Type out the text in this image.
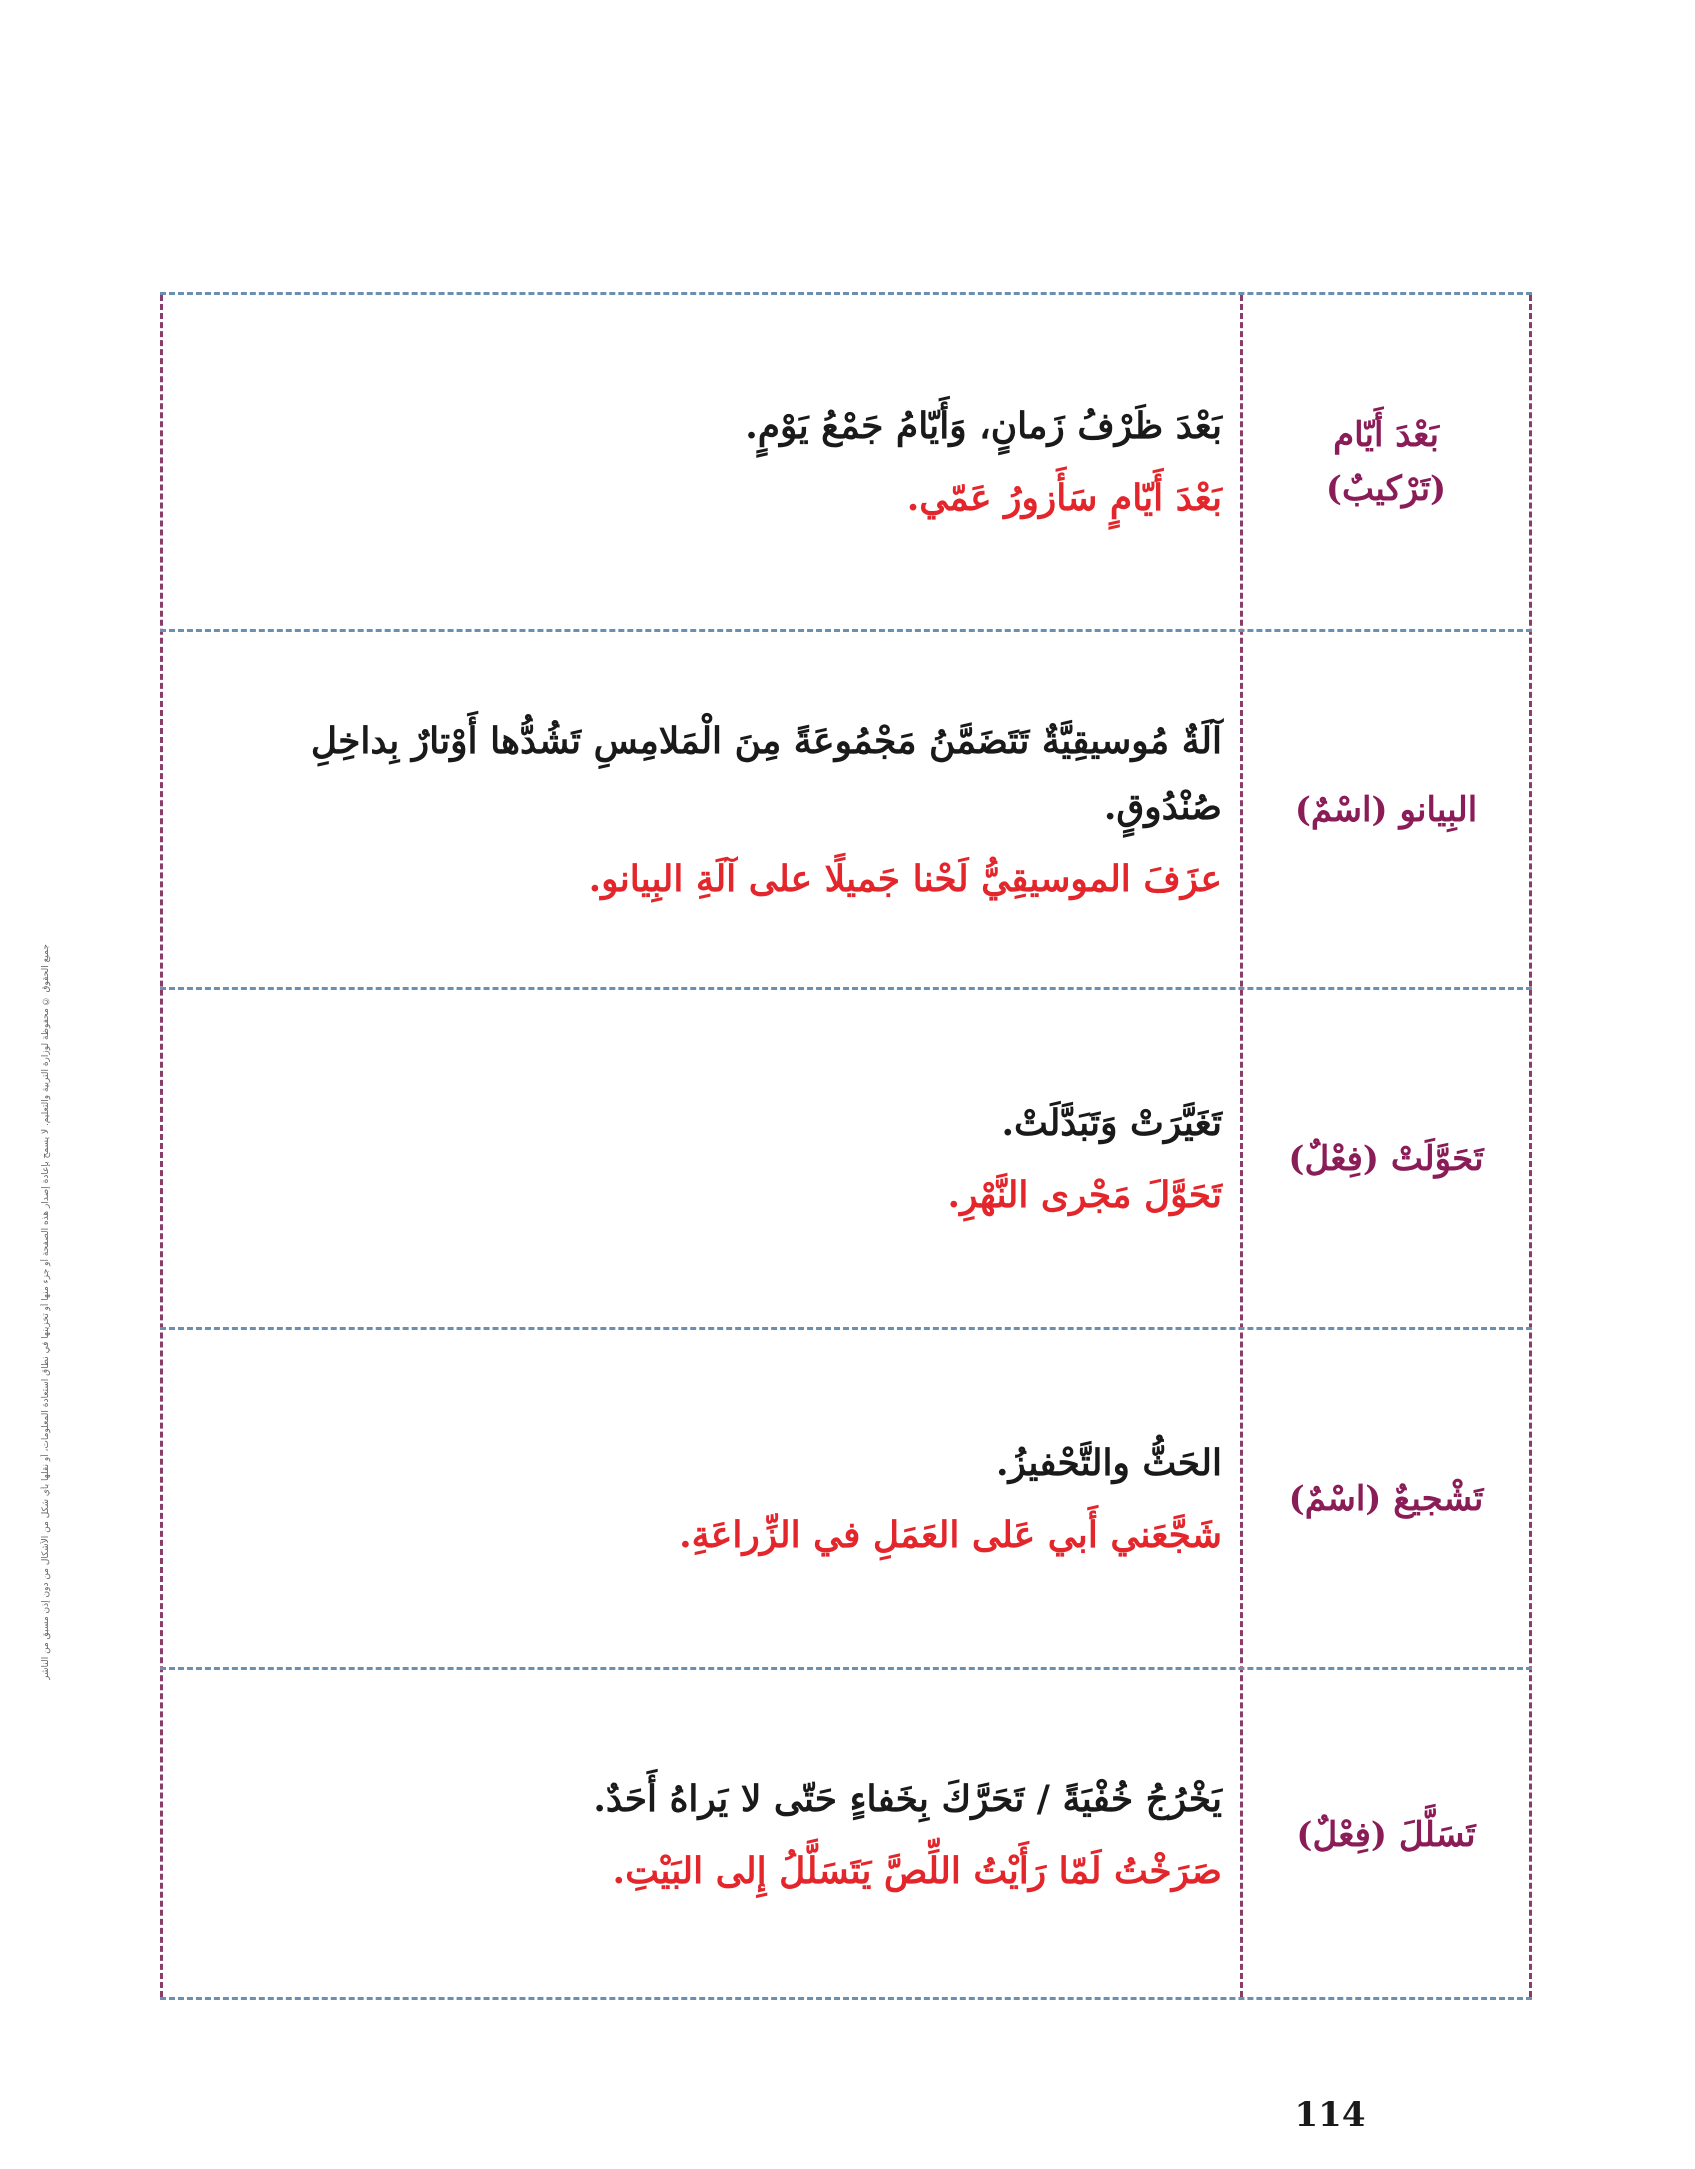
جميع الحقوق © محفوظة لوزارة التربية والتعليم. لا يسمح بإعادة إصدار هذه الصفحة أو جزء منها أو تخزينها في نطاق استعادة المعلومات، أو نقلها بأي شكل من الأشكال من دون إذن مسبق من الناشر
بَعْدَ أَيّام
(تَرْكيبٌ)
بَعْدَ ظَرْفُ زَمانٍ، وَأَيّامُ جَمْعُ يَوْمٍ.
بَعْدَ أَيّامٍ سَأَزورُ عَمّي.
البِيانو (اسْمٌ)
آلَةٌ مُوسيقِيَّةٌ تَتَضَمَّنُ مَجْمُوعَةً مِنَ الْمَلامِسِ تَشُدُّها أَوْتارٌ بِداخِلِ صُنْدُوقٍ.
عزَفَ الموسيقِيُّ لَحْنا جَميلًا على آلَةِ البِيانو.
تَحَوَّلَتْ (فِعْلٌ)
تَغَيَّرَتْ وَتَبَدَّلَتْ.
تَحَوَّلَ مَجْرى النَّهْرِ.
تَشْجيعٌ (اسْمٌ)
الحَثُّ والتَّحْفيزُ.
شَجَّعَني أَبي عَلى العَمَلِ في الزِّراعَةِ.
تَسَلَّلَ (فِعْلٌ)
يَخْرُجُ خُفْيَةً / تَحَرَّكَ بِخَفاءٍ حَتّى لا يَراهُ أَحَدٌ.
صَرَخْتُ لَمّا رَأَيْتُ اللِّصَّ يَتَسَلَّلُ إِلى البَيْتِ.
114
